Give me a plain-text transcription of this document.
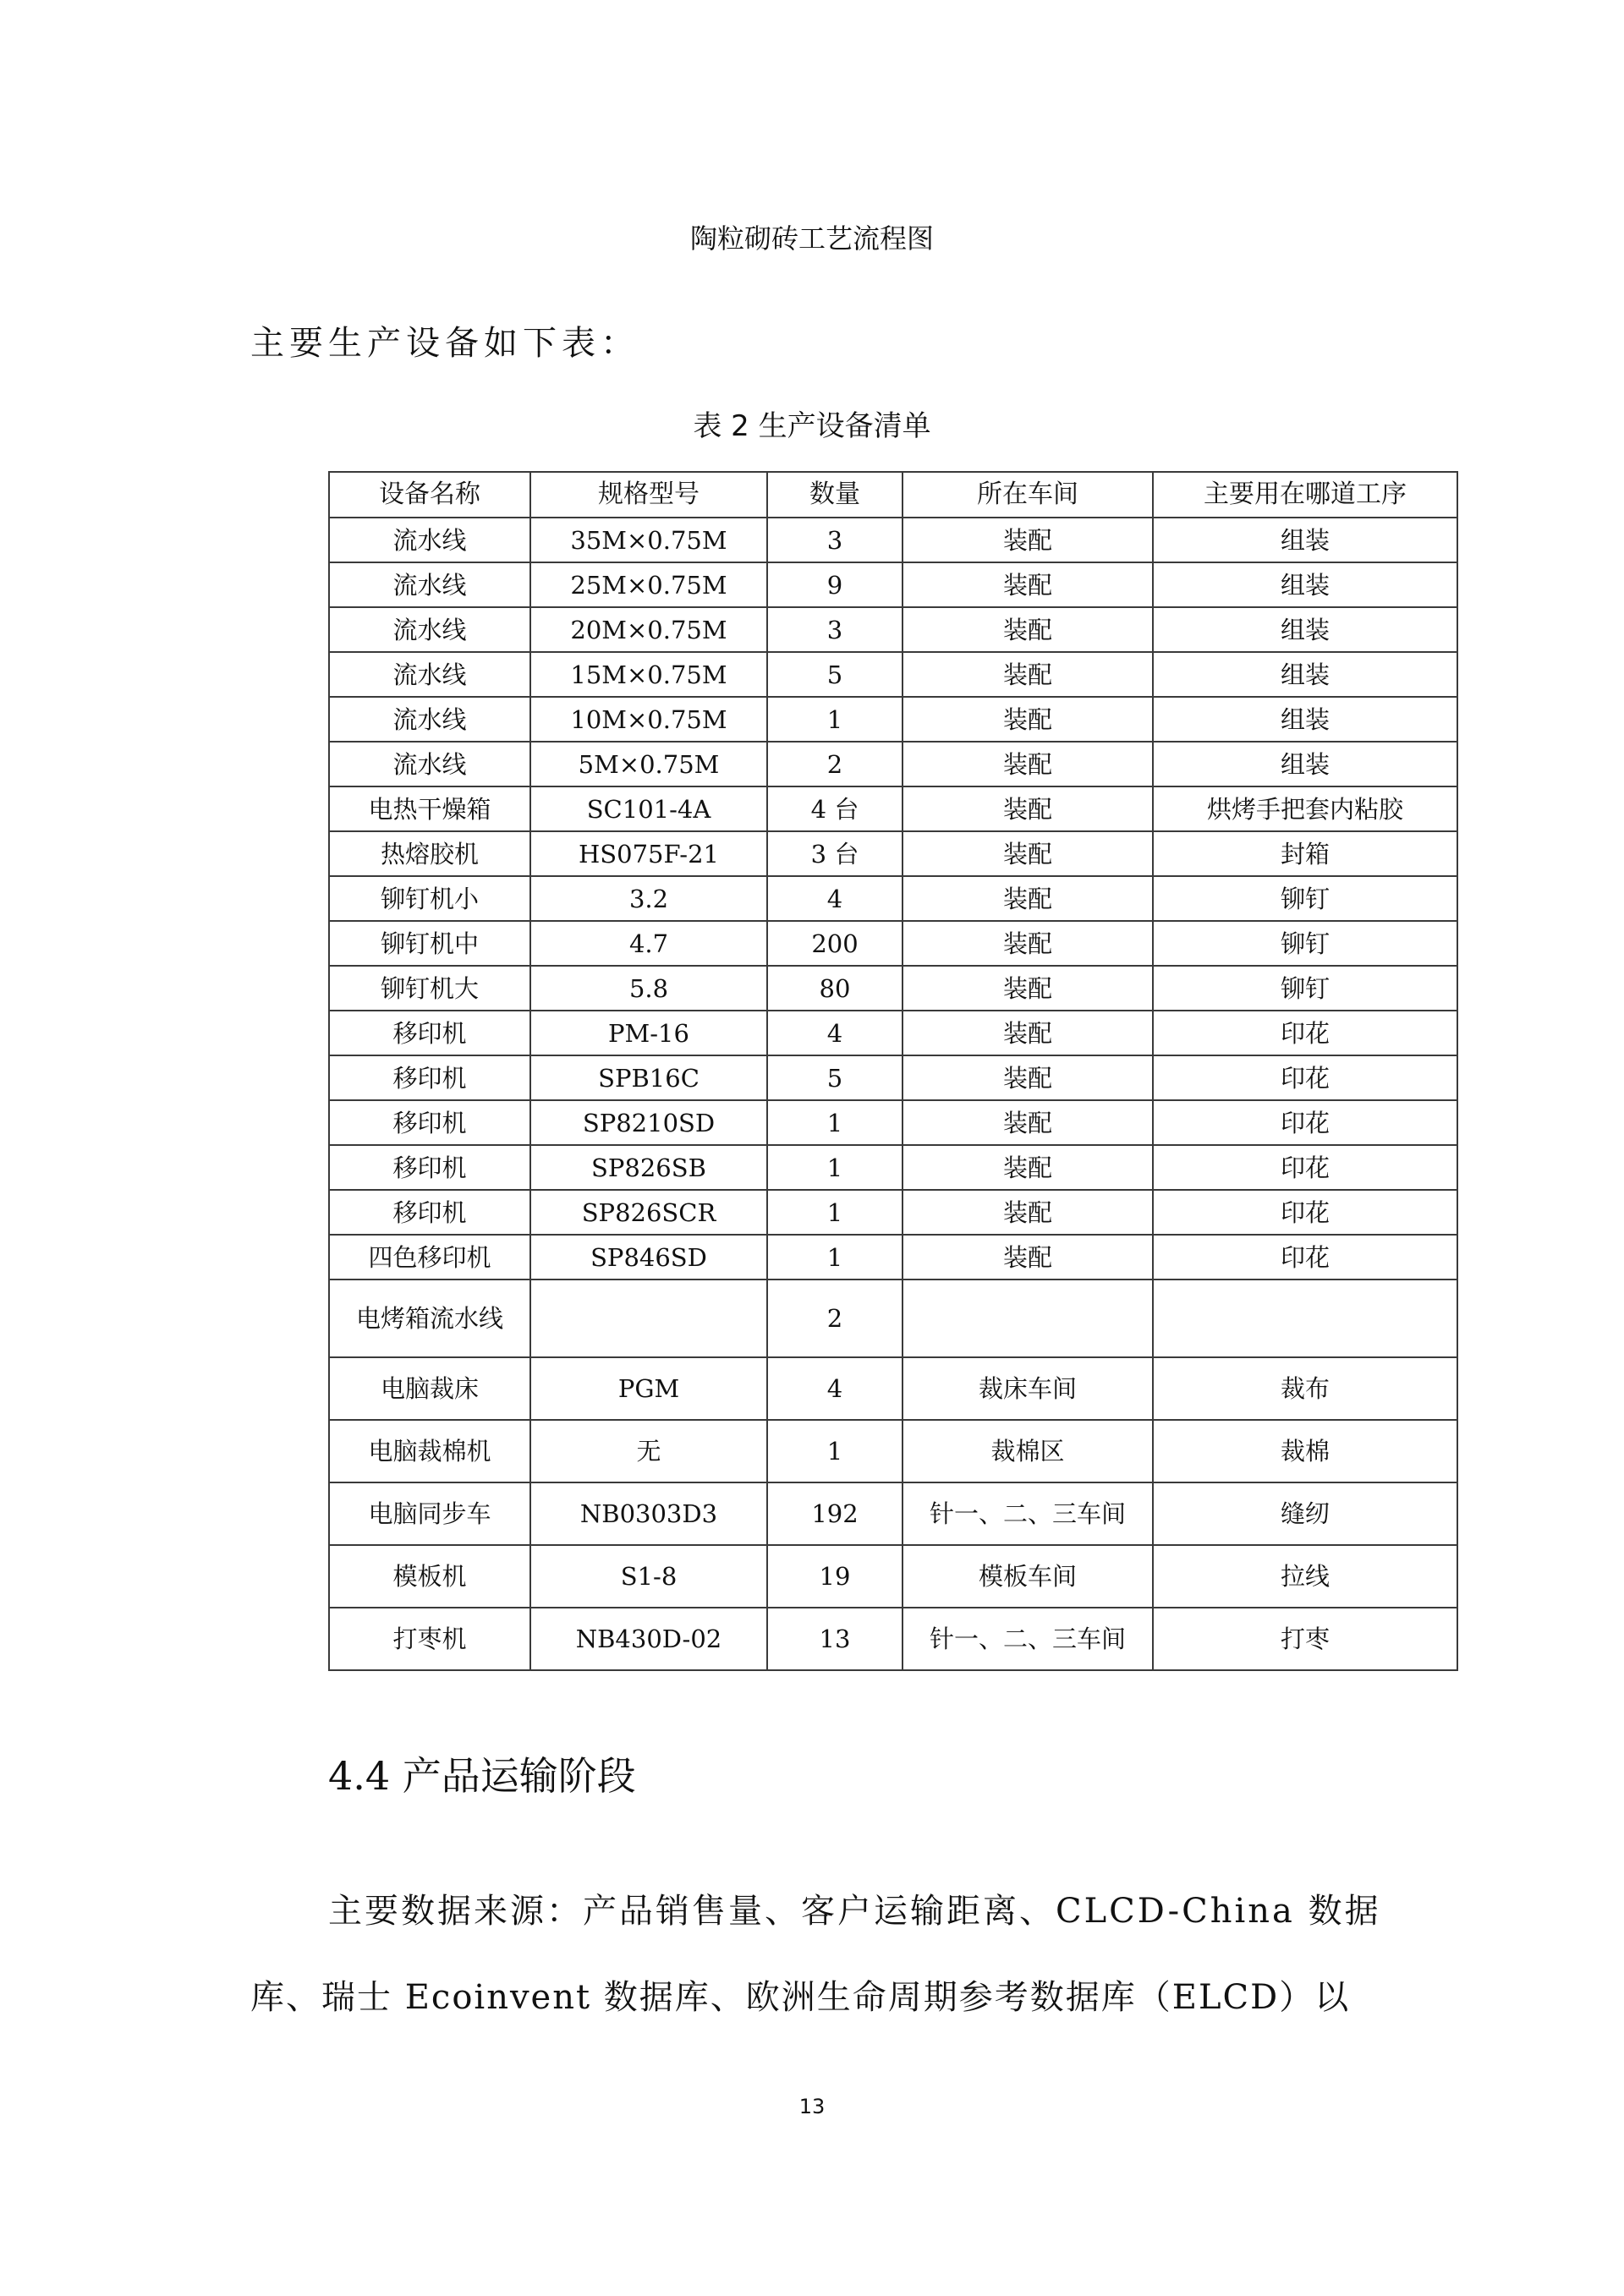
陶粒砌砖工艺流程图
主要生产设备如下表：
表 2 生产设备清单
设备名称	规格型号	数量	所在车间	主要用在哪道工序
流水线	35M×0.75M	3	装配	组装
流水线	25M×0.75M	9	装配	组装
流水线	20M×0.75M	3	装配	组装
流水线	15M×0.75M	5	装配	组装
流水线	10M×0.75M	1	装配	组装
流水线	5M×0.75M	2	装配	组装
电热干燥箱	SC101-4A	4 台	装配	烘烤手把套内粘胶
热熔胶机	HS075F-21	3 台	装配	封箱
铆钉机小	3.2	4	装配	铆钉
铆钉机中	4.7	200	装配	铆钉
铆钉机大	5.8	80	装配	铆钉
移印机	PM-16	4	装配	印花
移印机	SPB16C	5	装配	印花
移印机	SP8210SD	1	装配	印花
移印机	SP826SB	1	装配	印花
移印机	SP826SCR	1	装配	印花
四色移印机	SP846SD	1	装配	印花
电烤箱流水线		2		
电脑裁床	PGM	4	裁床车间	裁布
电脑裁棉机	无	1	裁棉区	裁棉
电脑同步车	NB0303D3	192	针一、二、三车间	缝纫
模板机	S1-8	19	模板车间	拉线
打枣机	NB430D-02	13	针一、二、三车间	打枣
4.4 产品运输阶段
主要数据来源：产品销售量、客户运输距离、CLCD-China 数据
库、瑞士 Ecoinvent 数据库、欧洲生命周期参考数据库（ELCD）以
13
